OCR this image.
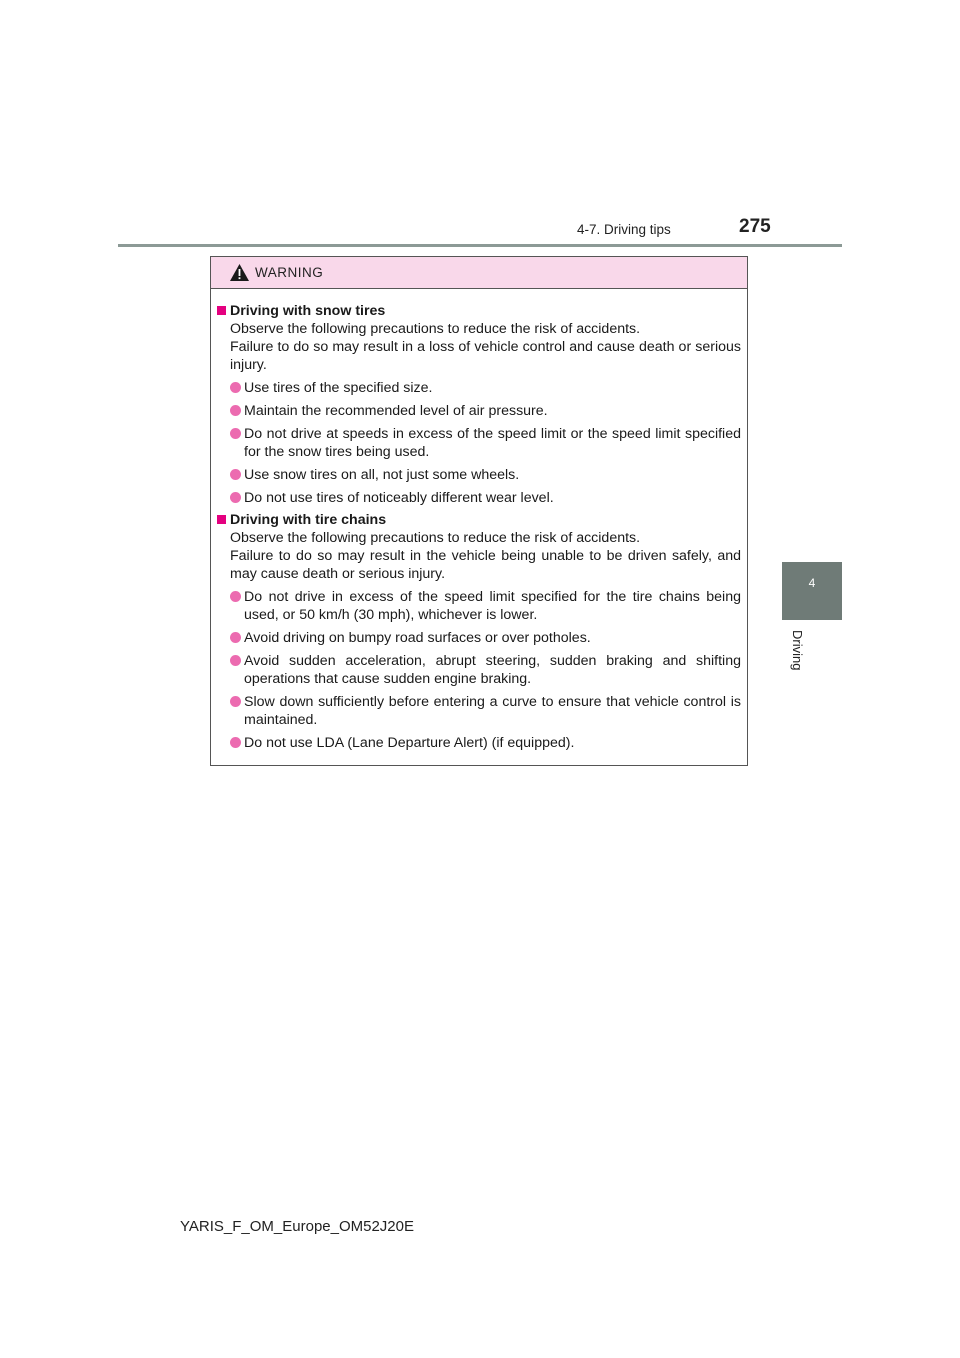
4-7. Driving tips	275
4
Driving
WARNING
Driving with snow tires
Observe the following precautions to reduce the risk of accidents.
Failure to do so may result in a loss of vehicle control and cause death or serious injury.
Use tires of the specified size.
Maintain the recommended level of air pressure.
Do not drive at speeds in excess of the speed limit or the speed limit specified for the snow tires being used.
Use snow tires on all, not just some wheels.
Do not use tires of noticeably different wear level.
Driving with tire chains
Observe the following precautions to reduce the risk of accidents.
Failure to do so may result in the vehicle being unable to be driven safely, and may cause death or serious injury.
Do not drive in excess of the speed limit specified for the tire chains being used, or 50 km/h (30 mph), whichever is lower.
Avoid driving on bumpy road surfaces or over potholes.
Avoid sudden acceleration, abrupt steering, sudden braking and shifting operations that cause sudden engine braking.
Slow down sufficiently before entering a curve to ensure that vehicle control is maintained.
Do not use LDA (Lane Departure Alert) (if equipped).
YARIS_F_OM_Europe_OM52J20E
